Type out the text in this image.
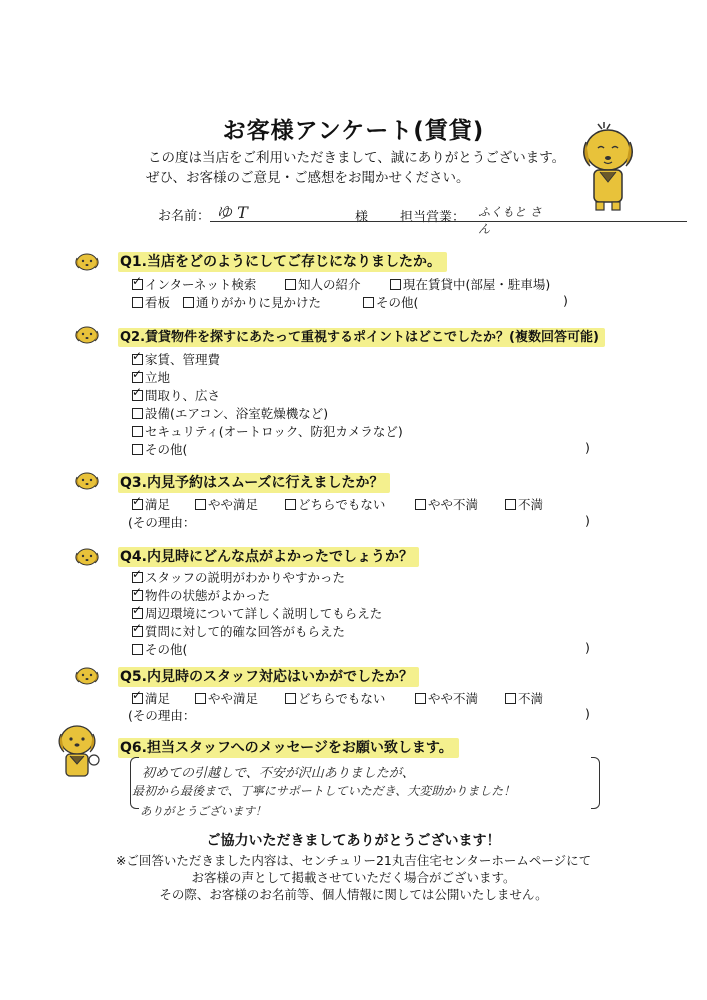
お客様アンケート(賃貸)
この度は当店をご利用いただきまして、誠にありがとうございます。
ぜひ、お客様のご意見・ご感想をお聞かせください。
お名前： ゆ T	様 担当営業： ふくもと さん
Q1.当店をどのようにしてご存じになりましたか。
✓インターネット検索	知人の紹介	現在賃貸中(部屋・駐車場)
看板	通りがかりに見かけた	その他(	)
Q2.賃貸物件を探すにあたって重視するポイントはどこでしたか？(複数回答可能)
✓家賃、管理費
✓立地
✓間取り、広さ
設備(エアコン、浴室乾燥機など)
セキュリティ(オートロック、防犯カメラなど)
その他(	)
Q3.内見予約はスムーズに行えましたか？
✓満足	やや満足	どちらでもない	やや不満	不満
(その理由：	)
Q4.内見時にどんな点がよかったでしょうか？
✓スタッフの説明がわかりやすかった
✓物件の状態がよかった
✓周辺環境について詳しく説明してもらえた
✓質問に対して的確な回答がもらえた
その他(	)
Q5.内見時のスタッフ対応はいかがでしたか？
✓満足	やや満足	どちらでもない	やや不満	不満
(その理由：	)
Q6.担当スタッフへのメッセージをお願い致します。
初めての引越しで、不安が沢山ありましたが、
最初から最後まで、丁寧にサポートしていただき、大変助かりました！
ありがとうございます！
ご協力いただきましてありがとうございます！
※ご回答いただきました内容は、センチュリー21丸吉住宅センターホームページにて
お客様の声として掲載させていただく場合がございます。
その際、お客様のお名前等、個人情報に関しては公開いたしません。
